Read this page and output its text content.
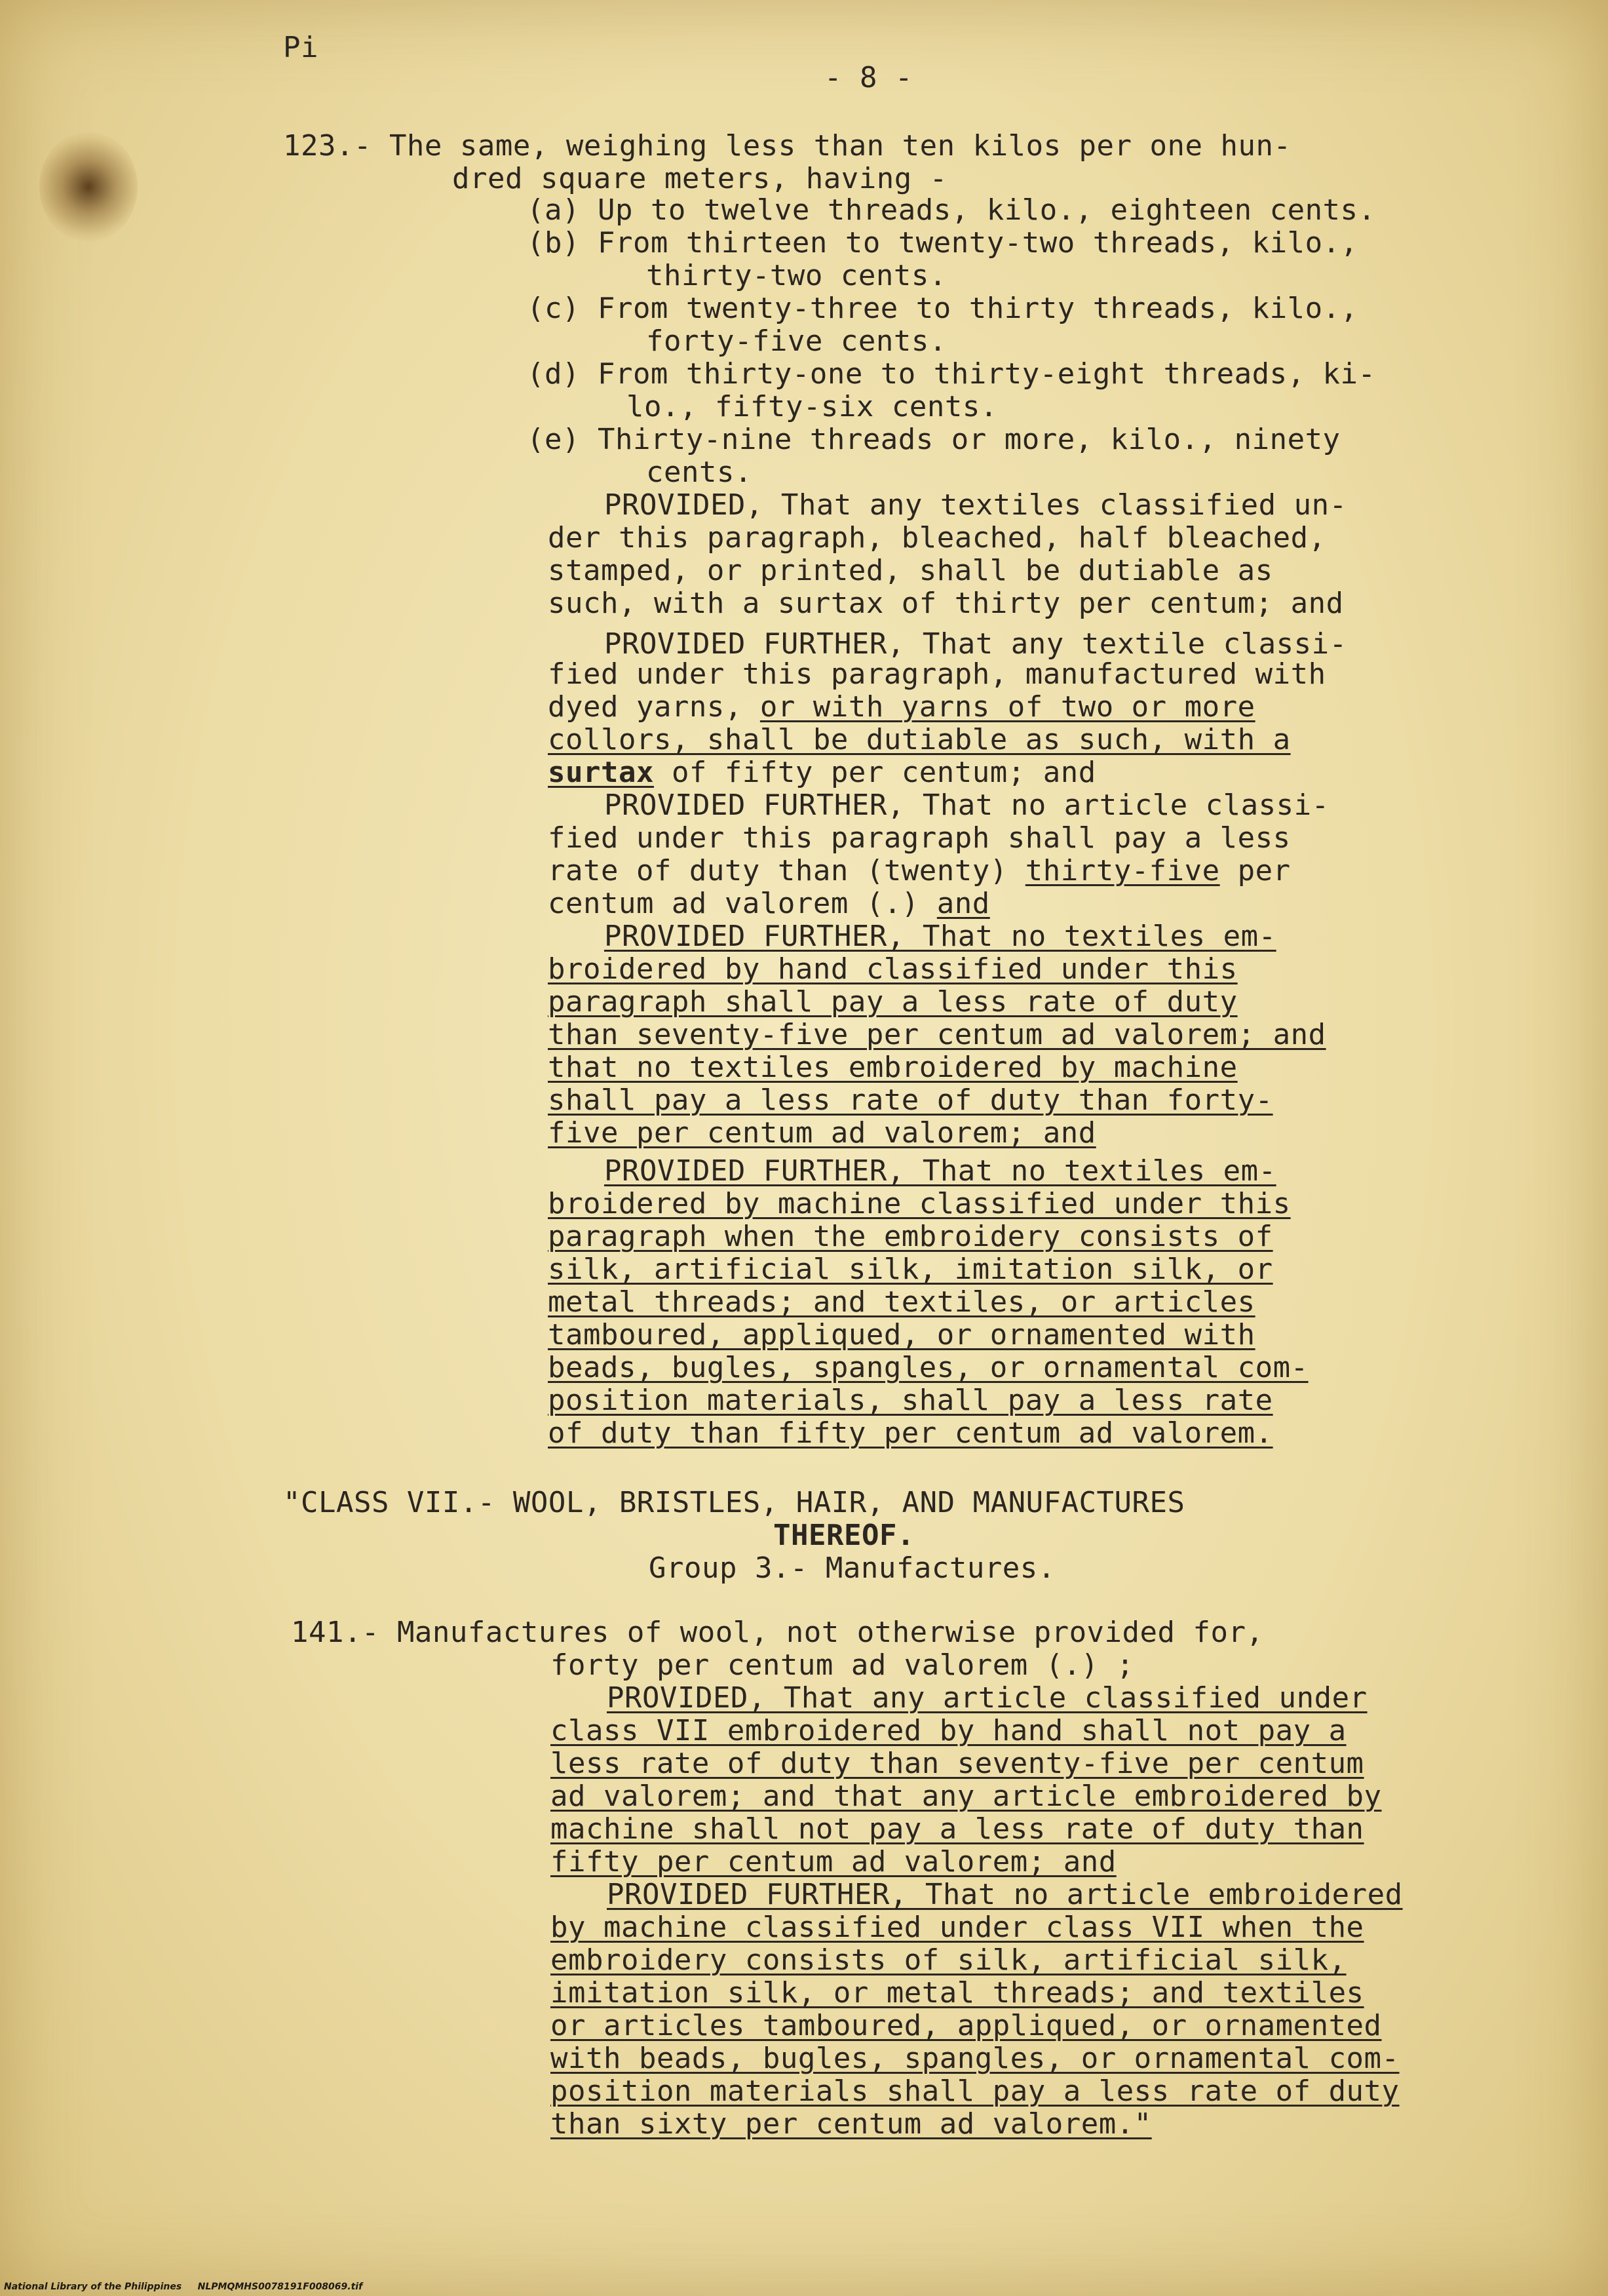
Pi
- 8 -
123.- The same, weighing less than ten kilos per one hun-
dred square meters, having -
(a) Up to twelve threads, kilo., eighteen cents.
(b) From thirteen to twenty-two threads, kilo.,
thirty-two cents.
(c) From twenty-three to thirty threads, kilo.,
forty-five cents.
(d) From thirty-one to thirty-eight threads, ki-
lo., fifty-six cents.
(e) Thirty-nine threads or more, kilo., ninety
cents.
PROVIDED, That any textiles classified un-
der this paragraph, bleached, half bleached,
stamped, or printed, shall be dutiable as
such, with a surtax of thirty per centum; and
PROVIDED FURTHER, That any textile classi-
fied under this paragraph, manufactured with
dyed yarns, or with yarns of two or more
collors, shall be dutiable as such, with a
surtax of fifty per centum; and
PROVIDED FURTHER, That no article classi-
fied under this paragraph shall pay a less
rate of duty than (twenty) thirty-five per
centum ad valorem (.) and
PROVIDED FURTHER, That no textiles em-
broidered by hand classified under this
paragraph shall pay a less rate of duty
than seventy-five per centum ad valorem; and
that no textiles embroidered by machine
shall pay a less rate of duty than forty-
five per centum ad valorem; and
PROVIDED FURTHER, That no textiles em-
broidered by machine classified under this
paragraph when the embroidery consists of
silk, artificial silk, imitation silk, or
metal threads; and textiles, or articles
tamboured, appliqued, or ornamented with
beads, bugles, spangles, or ornamental com-
position materials, shall pay a less rate
of duty than fifty per centum ad valorem.
"CLASS VII.- WOOL, BRISTLES, HAIR, AND MANUFACTURES
THEREOF.
Group 3.- Manufactures.
141.- Manufactures of wool, not otherwise provided for,
forty per centum ad valorem (.) ;
PROVIDED, That any article classified under
class VII embroidered by hand shall not pay a
less rate of duty than seventy-five per centum
ad valorem; and that any article embroidered by
machine shall not pay a less rate of duty than
fifty per centum ad valorem; and
PROVIDED FURTHER, That no article embroidered
by machine classified under class VII when the
embroidery consists of silk, artificial silk,
imitation silk, or metal threads; and textiles
or articles tamboured, appliqued, or ornamented
with beads, bugles, spangles, or ornamental com-
position materials shall pay a less rate of duty
than sixty per centum ad valorem."
National Library of the Philippines NLPMQMHS0078191F008069.tif
